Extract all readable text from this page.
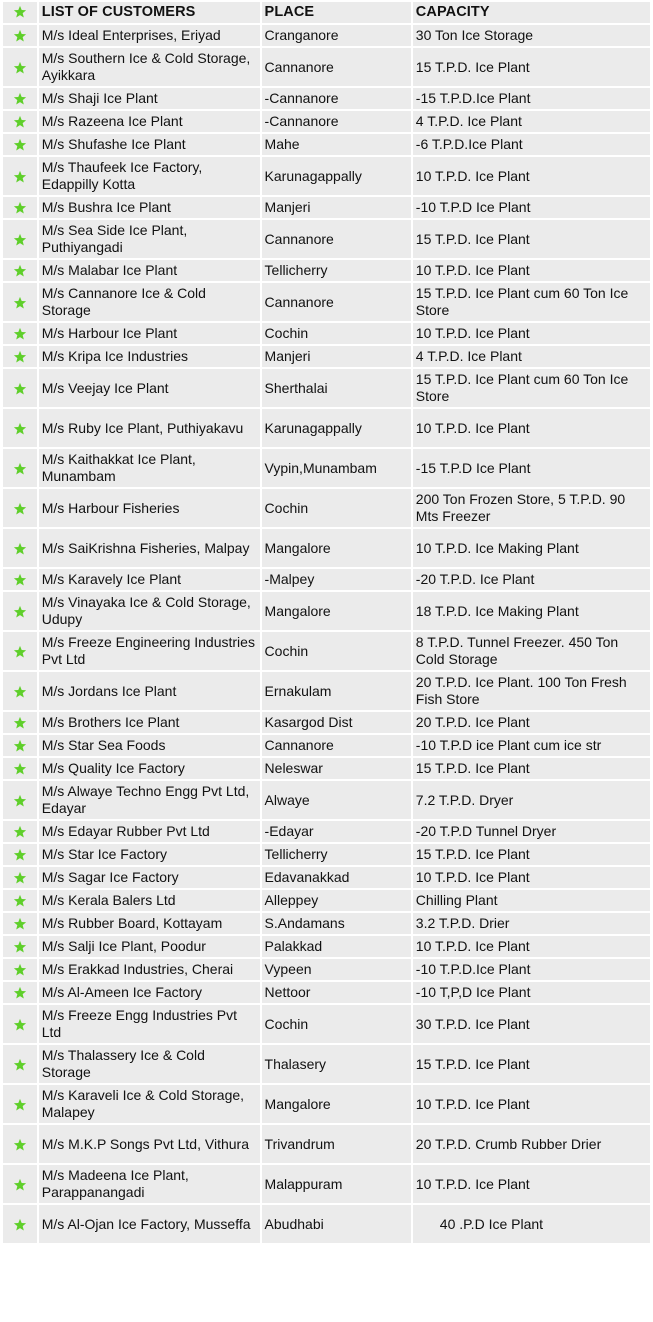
	LIST OF CUSTOMERS	PLACE	CAPACITY
	M/s Ideal Enterprises, Eriyad	Cranganore	30 Ton Ice Storage
	M/s Southern Ice & Cold Storage, Ayikkara	Cannanore	15 T.P.D. Ice Plant
	M/s Shaji Ice Plant	-Cannanore	-15 T.P.D.Ice Plant
	M/s Razeena Ice Plant	-Cannanore	4 T.P.D. Ice Plant
	M/s Shufashe Ice Plant	Mahe	-6 T.P.D.Ice Plant
	M/s Thaufeek Ice Factory, Edappilly Kotta	Karunagappally	10 T.P.D. Ice Plant
	M/s Bushra Ice Plant	Manjeri	-10 T.P.D Ice Plant
	M/s Sea Side Ice Plant, Puthiyangadi	Cannanore	15 T.P.D. Ice Plant
	M/s Malabar Ice Plant	Tellicherry	10 T.P.D. Ice Plant
	M/s Cannanore Ice & Cold Storage	Cannanore	15 T.P.D. Ice Plant cum 60 Ton Ice Store
	M/s Harbour Ice Plant	Cochin	10 T.P.D. Ice Plant
	M/s Kripa Ice Industries	Manjeri	4 T.P.D. Ice Plant
	M/s Veejay Ice Plant	Sherthalai	15 T.P.D. Ice Plant cum 60 Ton Ice Store
	M/s Ruby Ice Plant, Puthiyakavu	Karunagappally	10 T.P.D. Ice Plant
	M/s Kaithakkat Ice Plant, Munambam	Vypin,Munambam	-15 T.P.D Ice Plant
	M/s Harbour Fisheries	Cochin	200 Ton Frozen Store, 5 T.P.D. 90 Mts Freezer
	M/s SaiKrishna Fisheries, Malpay	Mangalore	10 T.P.D. Ice Making Plant
	M/s Karavely Ice Plant	-Malpey	-20 T.P.D. Ice Plant
	M/s Vinayaka Ice & Cold Storage, Udupy	Mangalore	18 T.P.D. Ice Making Plant
	M/s Freeze Engineering Industries Pvt Ltd	Cochin	8 T.P.D. Tunnel Freezer. 450 Ton Cold Storage
	M/s Jordans Ice Plant	Ernakulam	20 T.P.D. Ice Plant. 100 Ton Fresh Fish Store
	M/s Brothers Ice Plant	Kasargod Dist	20 T.P.D. Ice Plant
	M/s Star Sea Foods	Cannanore	-10 T.P.D ice Plant cum ice str
	M/s Quality Ice Factory	Neleswar	15 T.P.D. Ice Plant
	M/s Alwaye Techno Engg Pvt Ltd, Edayar	Alwaye	7.2 T.P.D. Dryer
	M/s Edayar Rubber Pvt Ltd	-Edayar	-20 T.P.D Tunnel Dryer
	M/s Star Ice Factory	Tellicherry	15 T.P.D. Ice Plant
	M/s Sagar Ice Factory	Edavanakkad	10 T.P.D. Ice Plant
	M/s Kerala Balers Ltd	Alleppey	Chilling Plant
	M/s Rubber Board, Kottayam	S.Andamans	3.2 T.P.D. Drier
	M/s Salji Ice Plant, Poodur	Palakkad	10 T.P.D. Ice Plant
	M/s Erakkad Industries, Cherai	Vypeen	-10 T.P.D.Ice Plant
	M/s Al-Ameen Ice Factory	Nettoor	-10 T,P,D Ice Plant
	M/s Freeze Engg Industries Pvt Ltd	Cochin	30 T.P.D. Ice Plant
	M/s Thalassery Ice & Cold Storage	Thalasery	15 T.P.D. Ice Plant
	M/s Karaveli Ice & Cold Storage, Malapey	Mangalore	10 T.P.D. Ice Plant
	M/s M.K.P Songs Pvt Ltd, Vithura	Trivandrum	20 T.P.D. Crumb Rubber Drier
	M/s Madeena Ice Plant, Parappanangadi	Malappuram	10 T.P.D. Ice Plant
	M/s Al-Ojan Ice Factory, Musseffa	Abudhabi	40 .P.D Ice Plant
